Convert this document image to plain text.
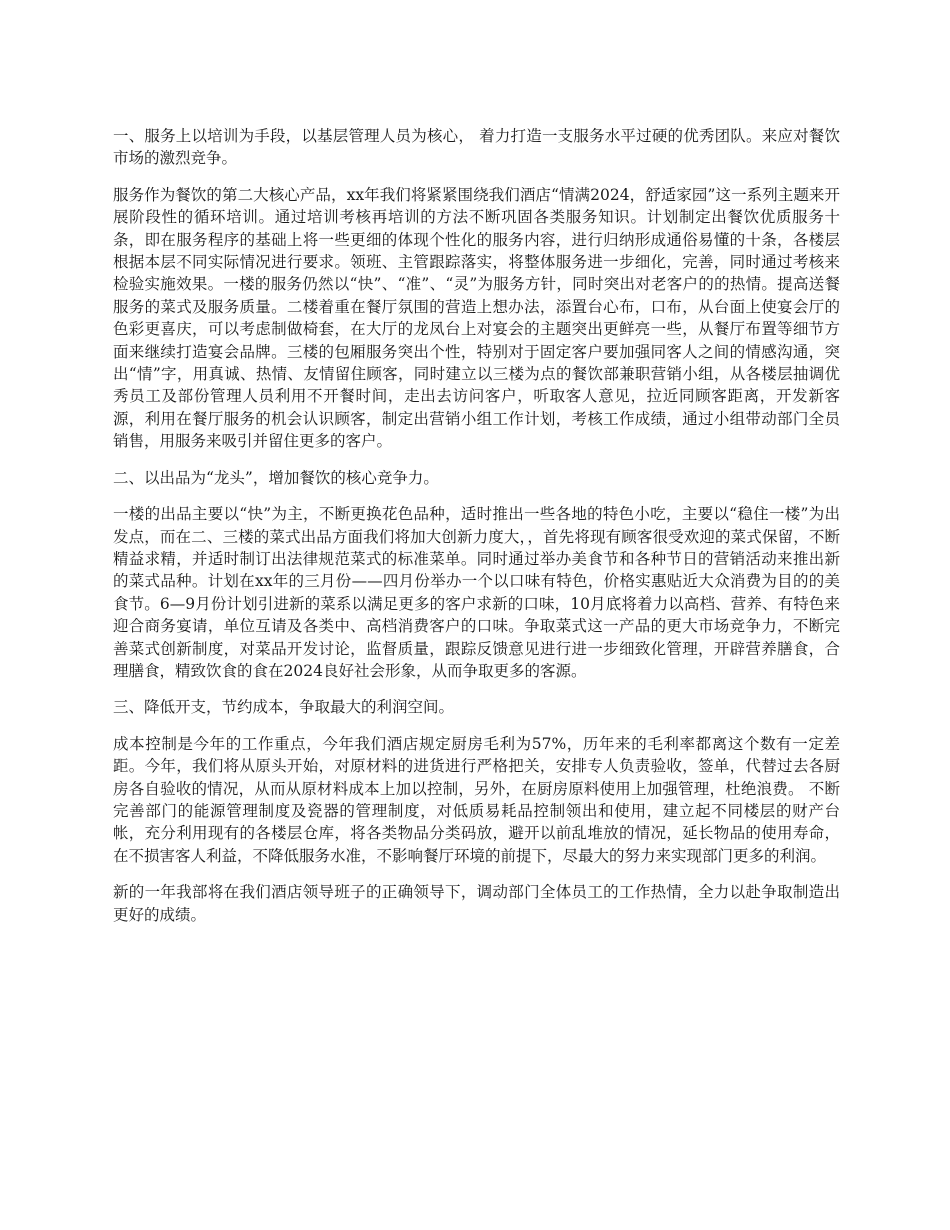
一、服务上以培训为手段，以基层管理人员为核心， 着力打造一支服务水平过硬的优秀团队。来应对餐饮市场的激烈竞争。

服务作为餐饮的第二大核心产品，xx年我们将紧紧围绕我们酒店“情满2024，舒适家园”这一系列主题来开展阶段性的循环培训。通过培训考核再培训的方法不断巩固各类服务知识。计划制定出餐饮优质服务十条，即在服务程序的基础上将一些更细的体现个性化的服务内容，进行归纳形成通俗易懂的十条，各楼层根据本层不同实际情况进行要求。领班、主管跟踪落实，将整体服务进一步细化，完善，同时通过考核来检验实施效果。一楼的服务仍然以“快”、“准”、“灵”为服务方针，同时突出对老客户的的热情。提高送餐服务的菜式及服务质量。二楼着重在餐厅氛围的营造上想办法，添置台心布，口布，从台面上使宴会厅的色彩更喜庆，可以考虑制做椅套，在大厅的龙凤台上对宴会的主题突出更鲜亮一些，从餐厅布置等细节方面来继续打造宴会品牌。三楼的包厢服务突出个性，特别对于固定客户要加强同客人之间的情感沟通，突出“情”字，用真诚、热情、友情留住顾客，同时建立以三楼为点的餐饮部兼职营销小组，从各楼层抽调优秀员工及部份管理人员利用不开餐时间，走出去访问客户，听取客人意见，拉近同顾客距离，开发新客源，利用在餐厅服务的机会认识顾客，制定出营销小组工作计划，考核工作成绩，通过小组带动部门全员销售，用服务来吸引并留住更多的客户。

二、以出品为“龙头”，增加餐饮的核心竞争力。

一楼的出品主要以“快”为主，不断更换花色品种，适时推出一些各地的特色小吃，主要以“稳住一楼”为出发点，而在二、三楼的菜式出品方面我们将加大创新力度大，，首先将现有顾客很受欢迎的菜式保留，不断精益求精，并适时制订出法律规范菜式的标准菜单。同时通过举办美食节和各种节日的营销活动来推出新的菜式品种。计划在xx年的三月份——四月份举办一个以口味有特色，价格实惠贴近大众消费为目的的美食节。6—9月份计划引进新的菜系以满足更多的客户求新的口味，10月底将着力以高档、营养、有特色来迎合商务宴请，单位互请及各类中、高档消费客户的口味。争取菜式这一产品的更大市场竞争力，不断完善菜式创新制度，对菜品开发讨论，监督质量，跟踪反馈意见进行进一步细致化管理，开辟营养膳食，合理膳食，精致饮食的食在2024良好社会形象，从而争取更多的客源。

三、降低开支，节约成本，争取最大的利润空间。

成本控制是今年的工作重点，今年我们酒店规定厨房毛利为57%，历年来的毛利率都离这个数有一定差距。今年，我们将从原头开始，对原材料的进货进行严格把关，安排专人负责验收，签单，代替过去各厨房各自验收的情况，从而从原材料成本上加以控制，另外，在厨房原料使用上加强管理，杜绝浪费。 不断完善部门的能源管理制度及瓷器的管理制度，对低质易耗品控制领出和使用，建立起不同楼层的财产台帐，充分利用现有的各楼层仓库，将各类物品分类码放，避开以前乱堆放的情况，延长物品的使用寿命，在不损害客人利益，不降低服务水准，不影响餐厅环境的前提下，尽最大的努力来实现部门更多的利润。

新的一年我部将在我们酒店领导班子的正确领导下，调动部门全体员工的工作热情，全力以赴争取制造出更好的成绩。
